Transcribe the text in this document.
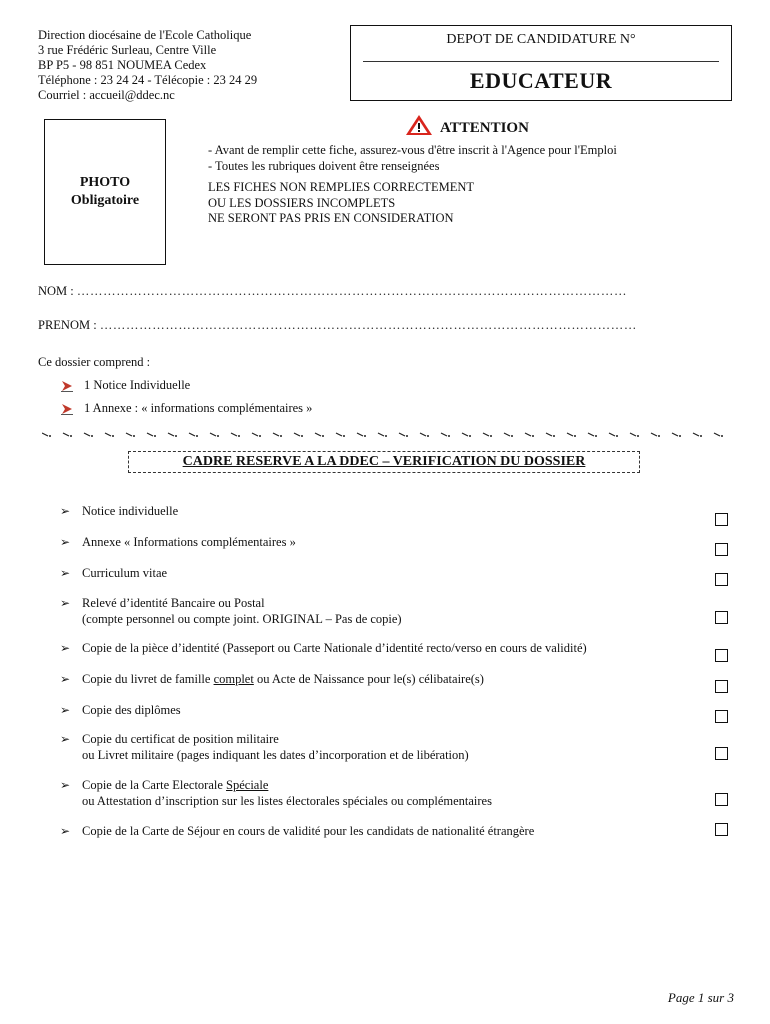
Direction diocésaine de l'Ecole Catholique
3 rue Frédéric Surleau, Centre Ville
BP P5 - 98 851 NOUMEA Cedex
Téléphone : 23 24 24 - Télécopie : 23 24 29
Courriel : accueil@ddec.nc
DEPOT DE CANDIDATURE N°
EDUCATEUR
PHOTO
Obligatoire
ATTENTION
- Avant de remplir cette fiche, assurez-vous d'être inscrit à l'Agence pour l'Emploi
- Toutes les rubriques doivent être renseignées
LES FICHES NON REMPLIES CORRECTEMENT
OU LES DOSSIERS INCOMPLETS
NE SERONT PAS PRIS EN CONSIDERATION
NOM : ………………………………………………………………………………………………………………
PRENOM : ……………………………………………………………………………………………………………
Ce dossier comprend :
1 Notice Individuelle
1 Annexe : « informations complémentaires »
CADRE RESERVE A LA DDEC – VERIFICATION DU DOSSIER
➢ Notice individuelle
➢ Annexe « Informations complémentaires »
➢ Curriculum vitae
➢ Relevé d’identité Bancaire ou Postal
(compte personnel ou compte joint. ORIGINAL – Pas de copie)
➢ Copie de la pièce d’identité (Passeport ou Carte Nationale d’identité recto/verso en cours de validité)
➢ Copie du livret de famille complet ou Acte de Naissance pour le(s) célibataire(s)
➢ Copie des diplômes
➢ Copie du certificat de position militaire
ou Livret militaire (pages indiquant les dates d’incorporation et de libération)
➢ Copie de la Carte Electorale Spéciale
ou Attestation d’inscription sur les listes électorales spéciales ou complémentaires
➢ Copie de la Carte de Séjour en cours de validité pour les candidats de nationalité étrangère
Page 1 sur 3
